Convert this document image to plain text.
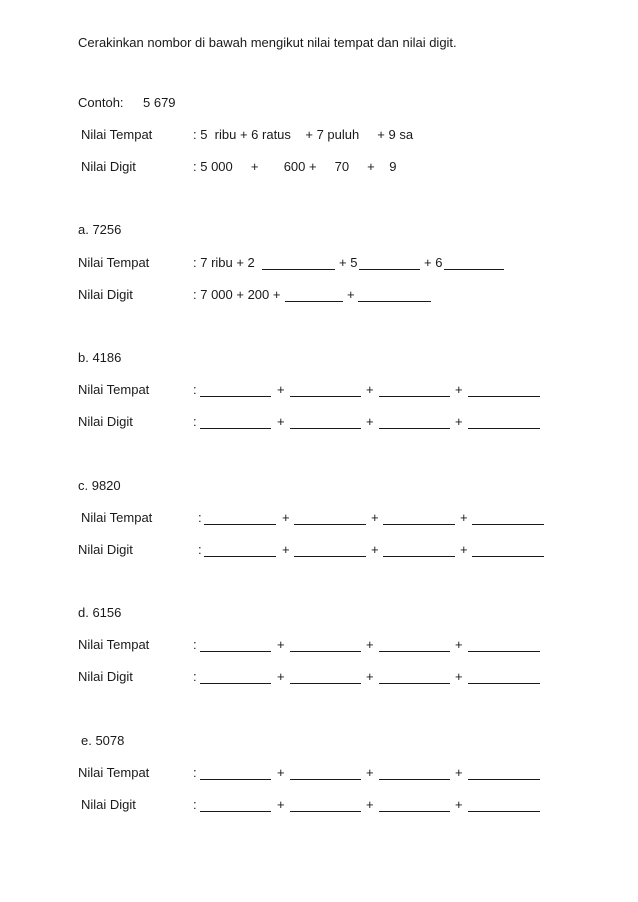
Cerakinkan nombor di bawah mengikut nilai tempat dan nilai digit.
Contoh: 5 679
Nilai Tempat	: 5  ribu + 6 ratus    + 7 puluh     + 9 sa
Nilai Digit	: 5 000     +       600 +     70     +    9
a. 7256
Nilai Tempat	: 7 ribu + 2	+ 5	+ 6
Nilai Digit	: 7 000 + 200 +	+
b. 4186
Nilai Tempat	:	+	+	+
Nilai Digit	:	+	+	+
c. 9820
Nilai Tempat	:	+	+	+
Nilai Digit	:	+	+	+
d. 6156
Nilai Tempat	:	+	+	+
Nilai Digit	:	+	+	+
e. 5078
Nilai Tempat	:	+	+	+
Nilai Digit	:	+	+	+
